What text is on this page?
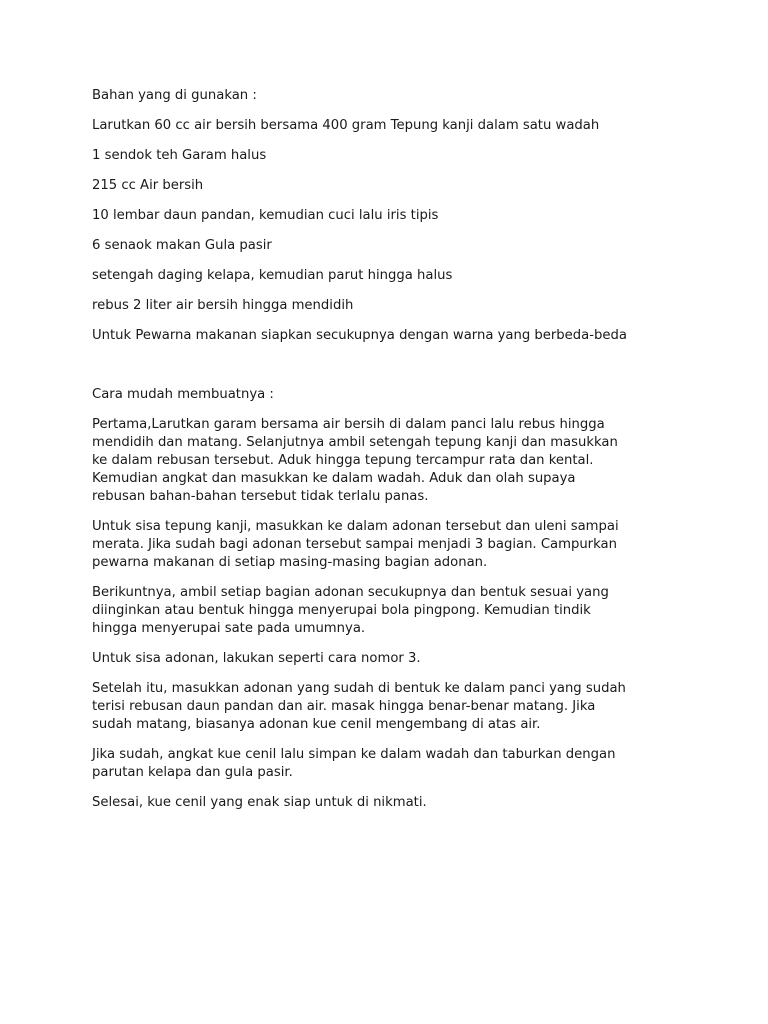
Bahan yang di gunakan :
Larutkan 60 cc air bersih bersama 400 gram Tepung kanji dalam satu wadah
1 sendok teh Garam halus
215 cc Air bersih
10 lembar daun pandan, kemudian cuci lalu iris tipis
6 senaok makan Gula pasir
setengah daging kelapa, kemudian parut hingga halus
rebus 2 liter air bersih hingga mendidih
Untuk Pewarna makanan siapkan secukupnya dengan warna yang berbeda-beda
Cara mudah membuatnya :
Pertama,Larutkan garam bersama air bersih di dalam panci lalu rebus hingga
mendidih dan matang. Selanjutnya ambil setengah tepung kanji dan masukkan
ke dalam rebusan tersebut. Aduk hingga tepung tercampur rata dan kental.
Kemudian angkat dan masukkan ke dalam wadah. Aduk dan olah supaya
rebusan bahan-bahan tersebut tidak terlalu panas.
Untuk sisa tepung kanji, masukkan ke dalam adonan tersebut dan uleni sampai
merata. Jika sudah bagi adonan tersebut sampai menjadi 3 bagian. Campurkan
pewarna makanan di setiap masing-masing bagian adonan.
Berikuntnya, ambil setiap bagian adonan secukupnya dan bentuk sesuai yang
diinginkan atau bentuk hingga menyerupai bola pingpong. Kemudian tindik
hingga menyerupai sate pada umumnya.
Untuk sisa adonan, lakukan seperti cara nomor 3.
Setelah itu, masukkan adonan yang sudah di bentuk ke dalam panci yang sudah
terisi rebusan daun pandan dan air. masak hingga benar-benar matang. Jika
sudah matang, biasanya adonan kue cenil mengembang di atas air.
Jika sudah, angkat kue cenil lalu simpan ke dalam wadah dan taburkan dengan
parutan kelapa dan gula pasir.
Selesai, kue cenil yang enak siap untuk di nikmati.
